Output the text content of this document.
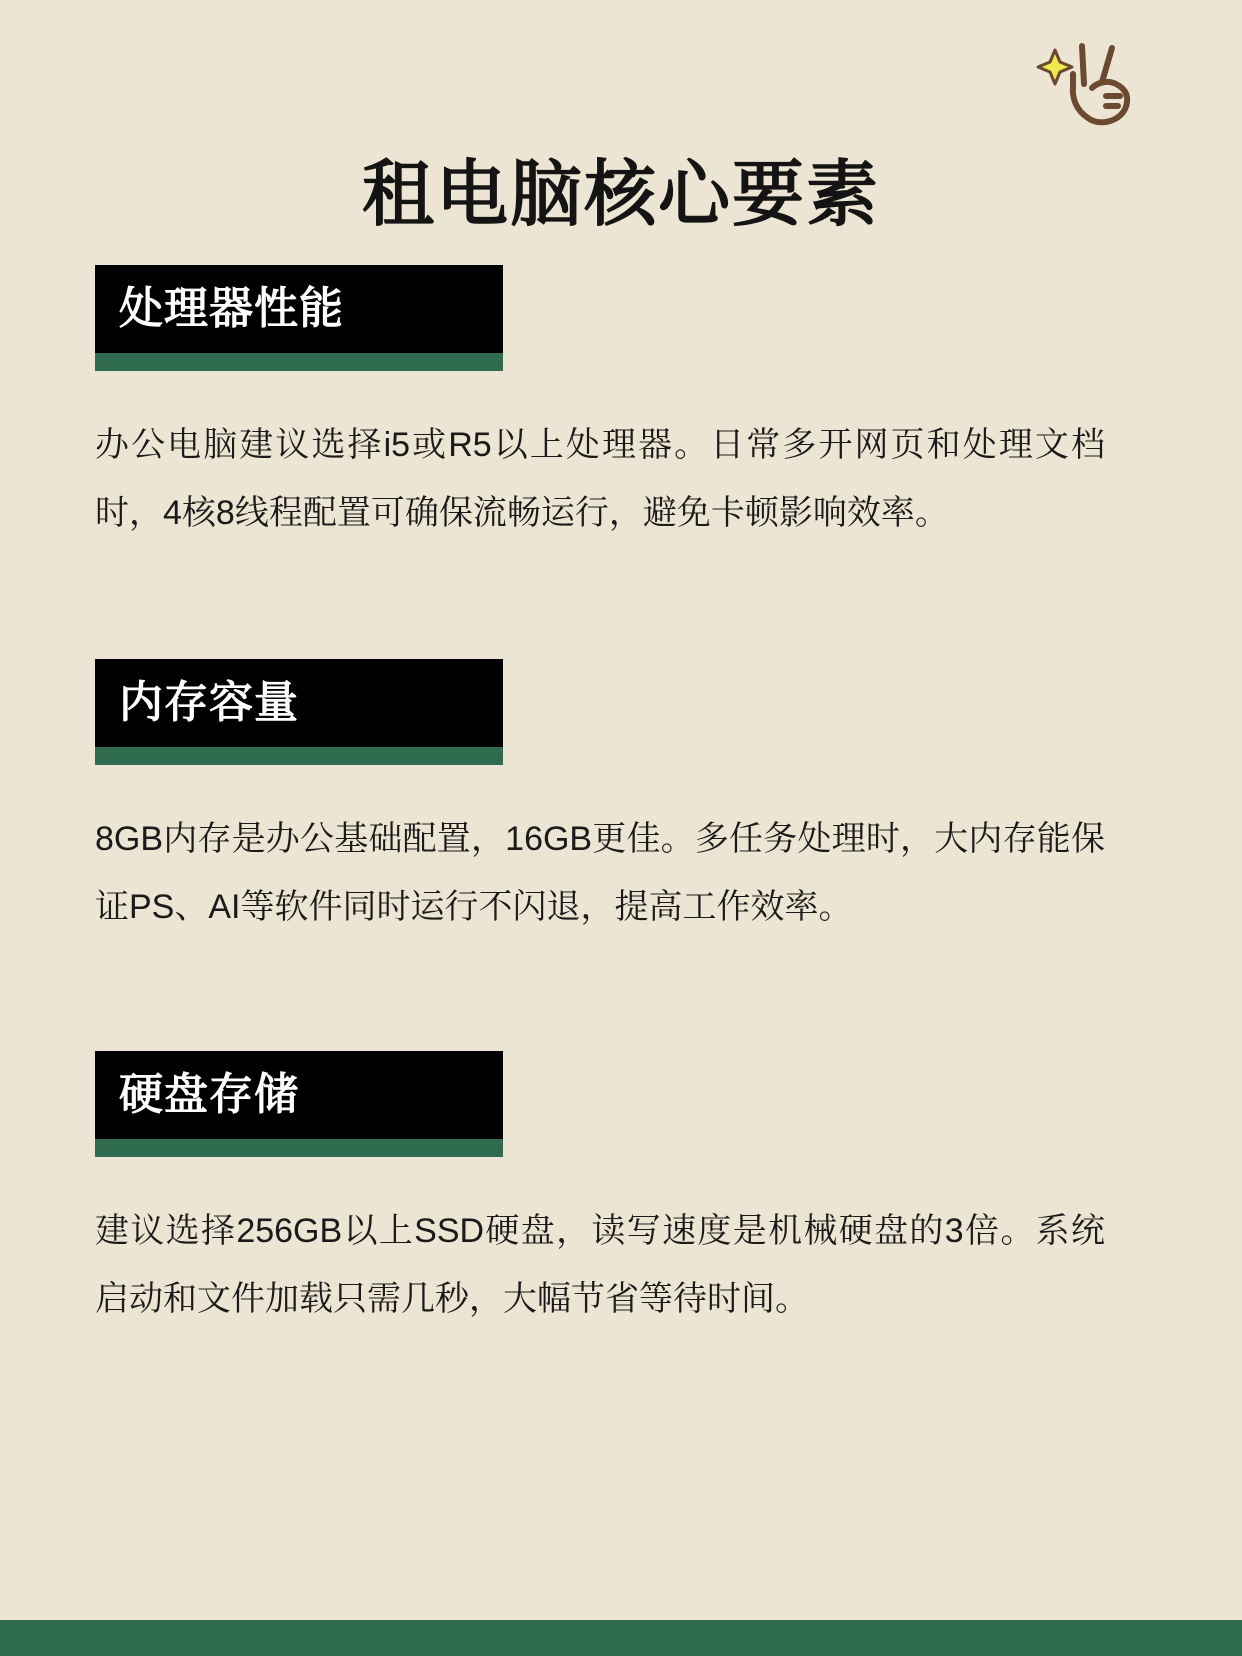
租电脑核心要素
处理器性能

办公电脑建议选择i5或R5以上处理器。日常多开网页和处理文档时，4核8线程配置可确保流畅运行，避免卡顿影响效率。

内存容量

8GB内存是办公基础配置，16GB更佳。多任务处理时，大内存能保证PS、AI等软件同时运行不闪退，提高工作效率。

硬盘存储

建议选择256GB以上SSD硬盘，读写速度是机械硬盘的3倍。系统启动和文件加载只需几秒，大幅节省等待时间。
